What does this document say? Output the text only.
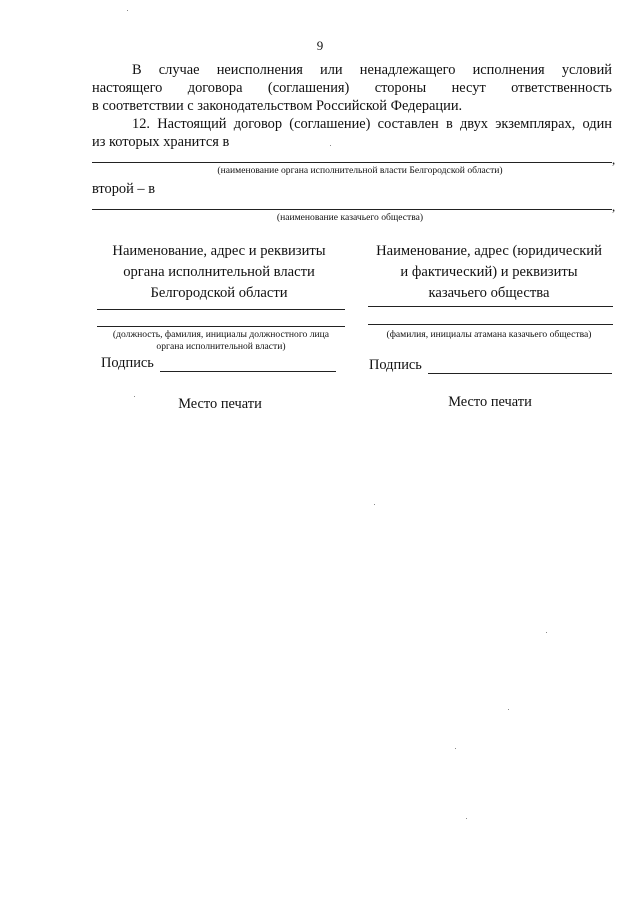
9
В случае неисполнения или ненадлежащего исполнения условий
настоящего договора (соглашения) стороны несут ответственность
в соответствии с законодательством Российской Федерации.
12. Настоящий договор (соглашение) составлен в двух экземплярах, один
из которых хранится в
,
(наименование органа исполнительной власти Белгородской области)
второй – в
,
(наименование казачьего общества)
Наименование, адрес и реквизиты
органа исполнительной власти
Белгородской области
(должность, фамилия, инициалы должностного лица
органа исполнительной власти)
Подпись
Место печати
Наименование, адрес (юридический
и фактический) и реквизиты
казачьего общества
(фамилия, инициалы атамана казачьего общества)
Подпись
Место печати
